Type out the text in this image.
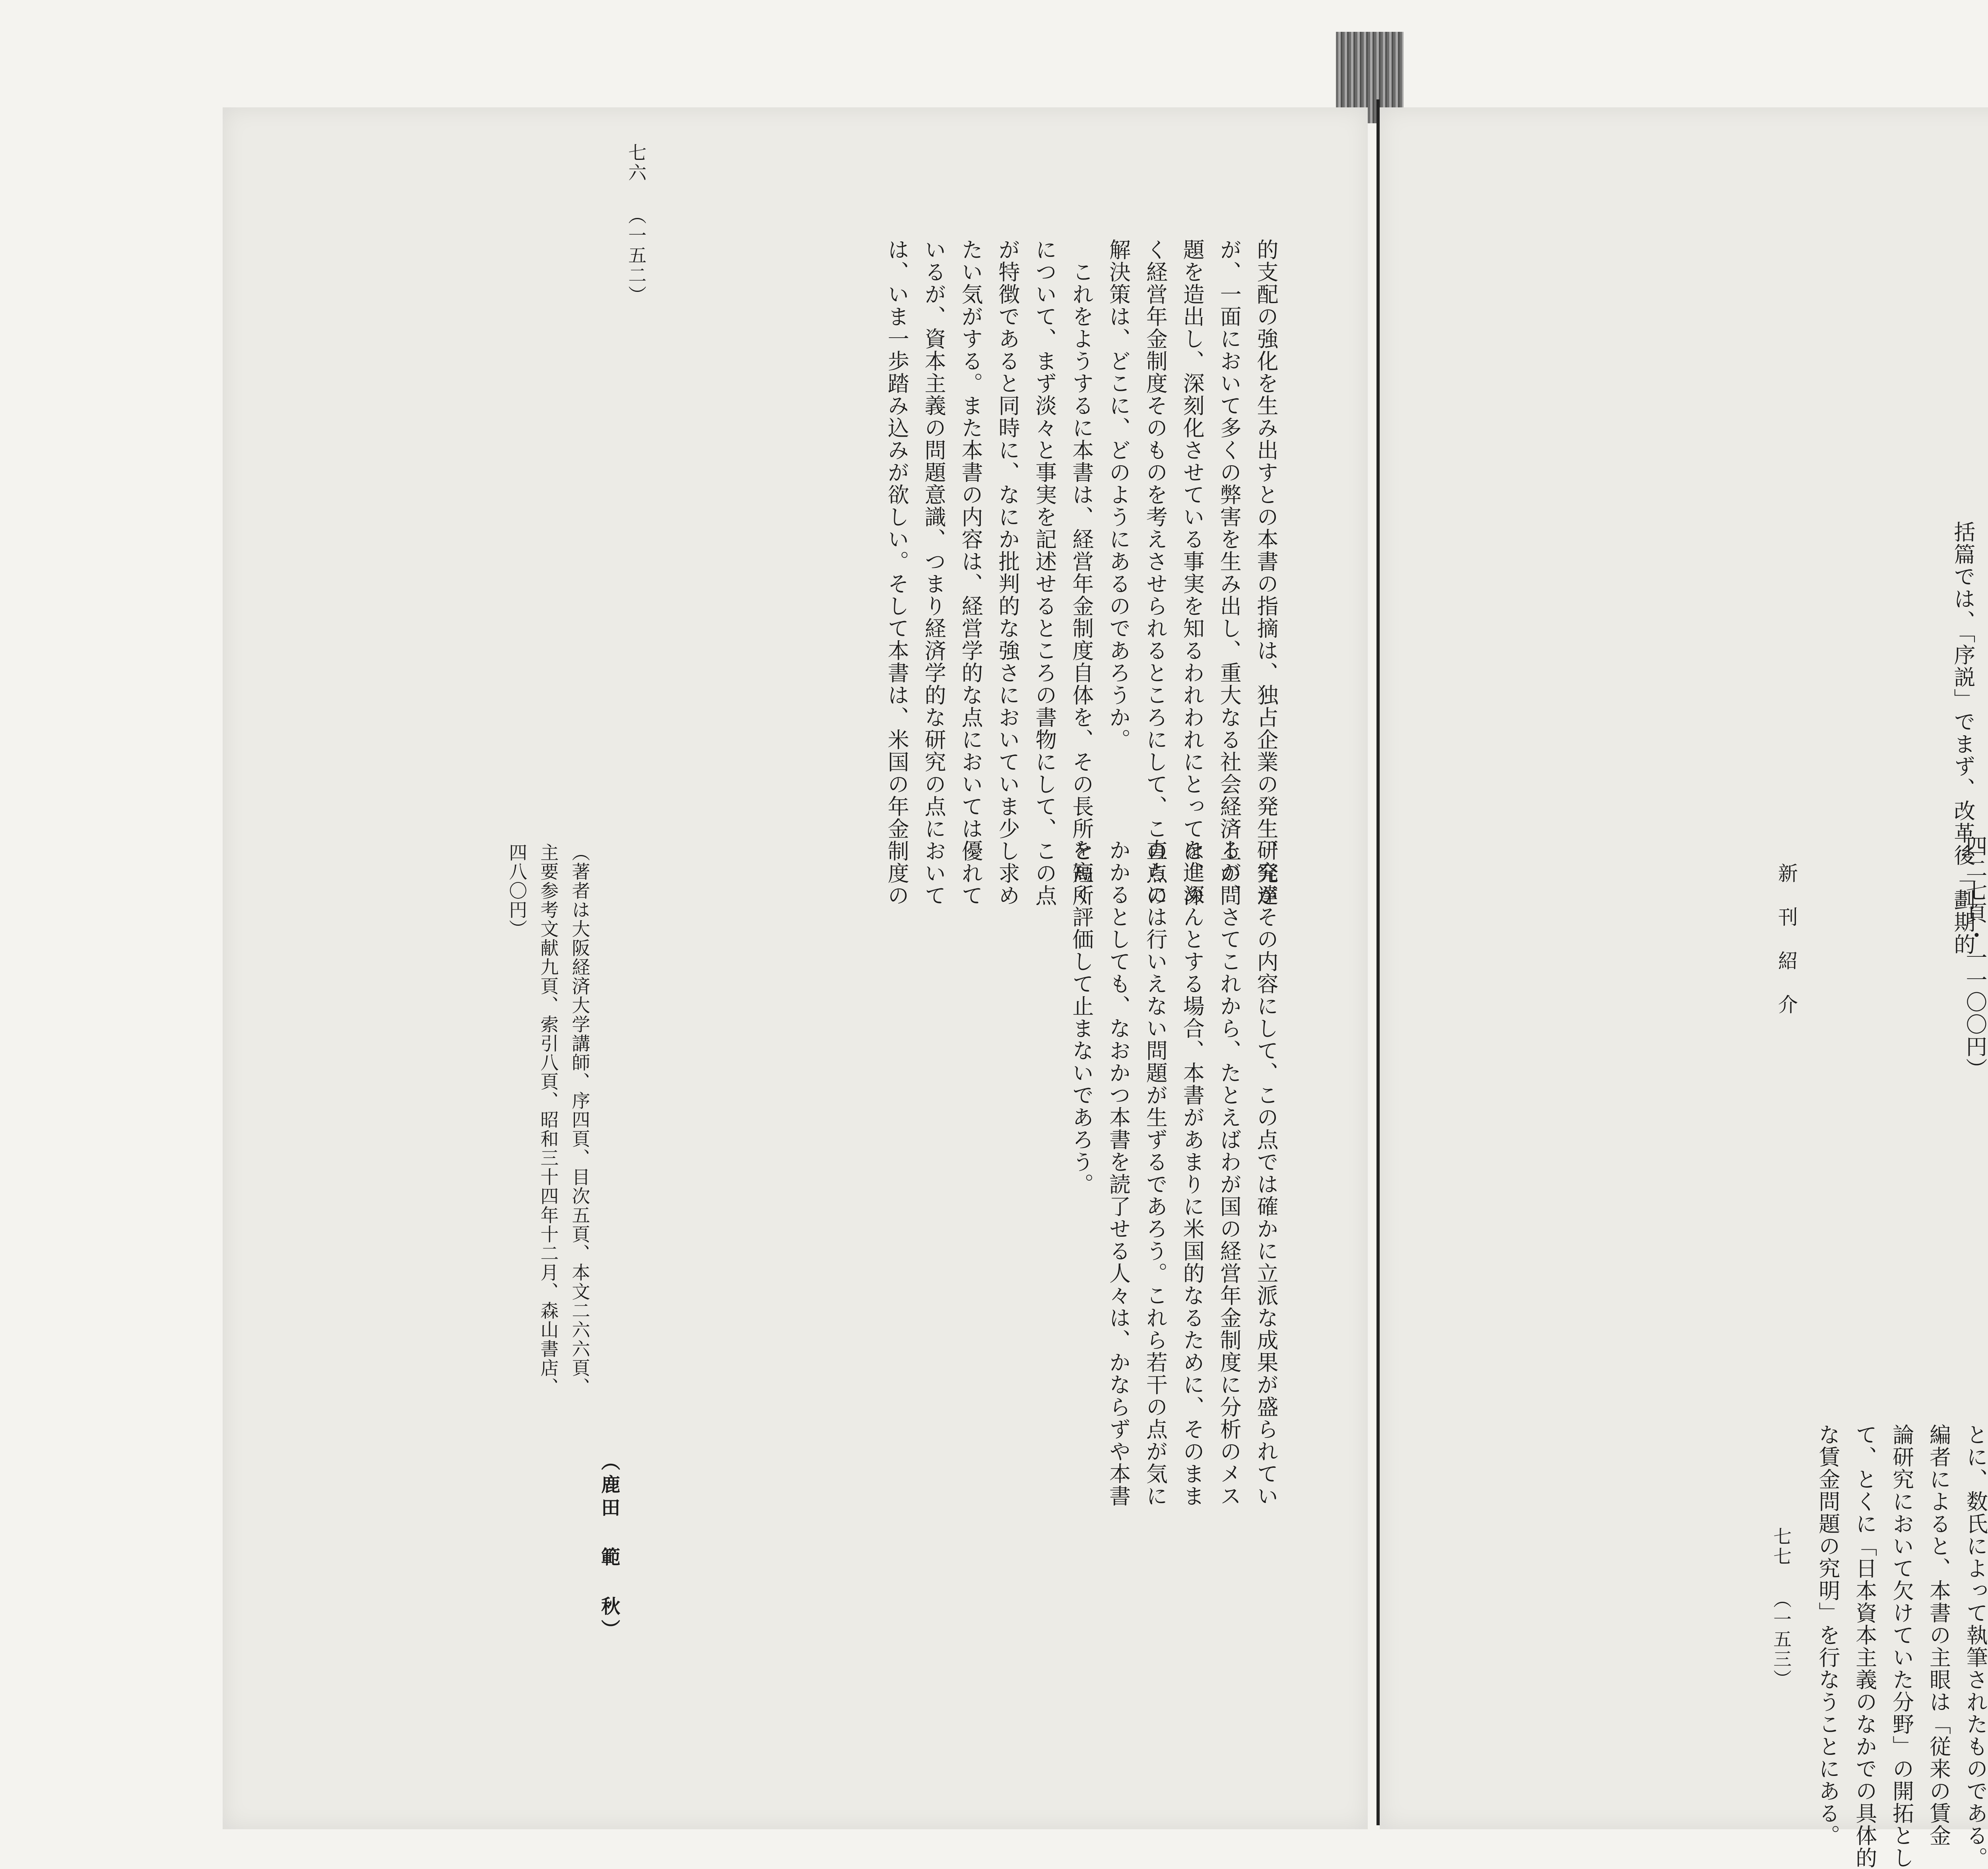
七六 （一五二）
的支配の強化を生み出すとの本書の指摘は、独占企業の発生、発達
が、一面において多くの弊害を生み出し、重大なる社会経済上の問
題を造出し、深刻化させている事実を知るわれわれにとっては、深
く経営年金制度そのものを考えさせられるところにして、この点の
解決策は、どこに、どのようにあるのであろうか。
　これをようするに本書は、経営年金制度自体を、その長所と短所
について、まず淡々と事実を記述せるところの書物にして、この点
が特徴であると同時に、なにか批判的な強さにおいていま少し求め
たい気がする。また本書の内容は、経営学的な点においては優れて
いるが、資本主義の問題意識、つまり経済学的な研究の点において
は、いま一歩踏み込みが欲しい。そして本書は、米国の年金制度の
研究がその内容にして、この点では確かに立派な成果が盛られてい
るが、さてこれから、たとえばわが国の経営年金制度に分析のメス
を進めんとする場合、本書があまりに米国的なるために、そのまま
直ちには行いえない問題が生ずるであろう。これら若干の点が気に
かかるとしても、なおかつ本書を読了せる人々は、かならずや本書
を高く評価して止まないであろう。
（著者は大阪経済大学講師、序四頁、目次五頁、本文二六六頁、
主要参考文献九頁、索引八頁、昭和三十四年十二月、森山書店、
四八〇円）
（鹿田 範 秋）

括篇では、「序説」でまず、改革後「劃期的

四二七頁・一一〇〇円）

とに、数氏によって執筆されたものである。
編者によると、本書の主眼は「従来の賃金
論研究において欠けていた分野」の開拓とし
て、とくに「日本資本主義のなかでの具体的
な賃金問題の究明」を行なうことにある。
新刊紹介
七七 （一五三）
